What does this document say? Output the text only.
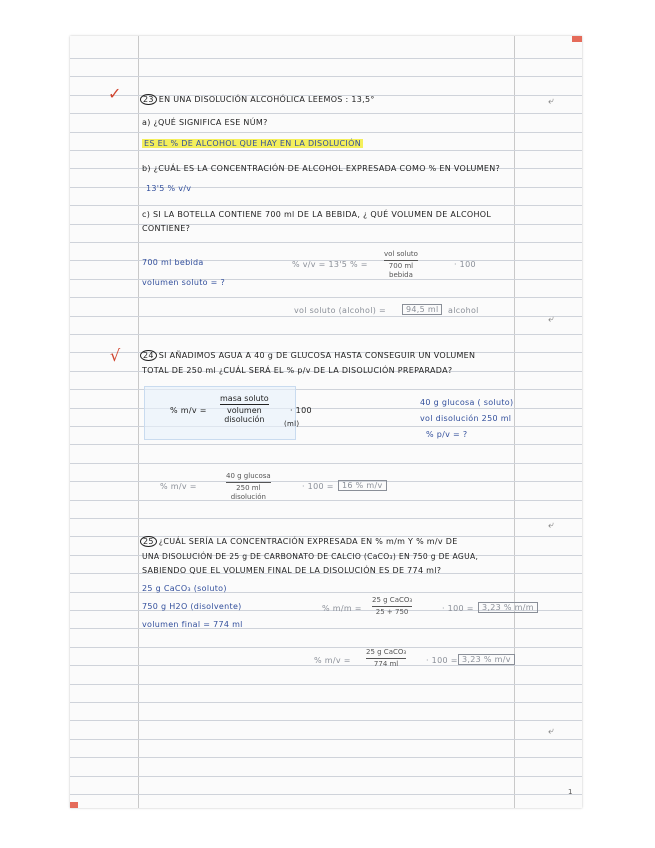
✓
√
23 EN UNA DISOLUCIÓN ALCOHÓLICA LEEMOS : 13,5°
a) ¿QUÉ SIGNIFICA ESE NÚM?
ES EL % DE ALCOHOL QUE HAY EN LA DISOLUCIÓN
b) ¿CUÁL ES LA CONCENTRACIÓN DE ALCOHOL EXPRESADA COMO % EN VOLUMEN?
13'5 % v/v
c) SI LA BOTELLA CONTIENE 700 ml DE LA BEBIDA, ¿ QUÉ VOLUMEN DE ALCOHOL
CONTIENE?
700 ml bebida
volumen soluto = ?
% v/v = 13'5 % =
vol soluto
700 ml
bebida
· 100
vol soluto (alcohol) =	94,5 ml	alcohol
24 SI AÑADIMOS AGUA A 40 g DE GLUCOSA HASTA CONSEGUIR UN VOLUMEN
TOTAL DE 250 ml ¿CUÁL SERÁ EL % p/v DE LA DISOLUCIÓN PREPARADA?
% m/v =
masa soluto
volumen
disolución	(ml)
· 100
40 g glucosa ( soluto)
vol disolución 250 ml
% p/v = ?
% m/v =
40 g glucosa
250 ml
disolución
· 100 =	16 % m/v
25 ¿CUÁL SERÍA LA CONCENTRACIÓN EXPRESADA EN % m/m Y % m/v DE
UNA DISOLUCIÓN DE 25 g DE CARBONATO DE CALCIO (CaCO₃) EN 750 g DE AGUA,
SABIENDO QUE EL VOLUMEN FINAL DE LA DISOLUCIÓN ES DE 774 ml?
25 g CaCO₃ (soluto)
750 g H2O (disolvente)
volumen final = 774 ml
% m/m =
25 g CaCO₃
25 + 750	· 100 =	3,23 % m/m
% m/v =
25 g CaCO₃
774 ml	· 100 = 3,23 % m/v
⤶
⤶
⤶
⤶
1
